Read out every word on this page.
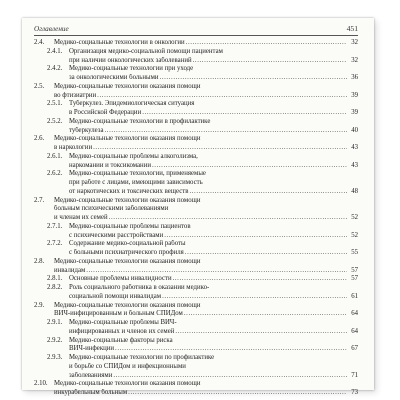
Оглавление	451
2.4.	Медико-социальные технологии в онкологии .....	32
2.4.1. Организация медико-социальной помощи пациентам
при наличии онкологических заболеваний .....	32
2.4.2. Медико-социальные технологии при уходе
за онкологическими больными .....	36
2.5.	Медико-социальные технологии оказания помощи
во фтизиатрии .....	39
2.5.1. Туберкулез. Эпидемиологическая ситуация
в Российской Федерации .....	39
2.5.2. Медико-социальные технологии в профилактике
туберкулеза .....	40
2.6.	Медико-социальные технологии оказания помощи
в наркологии .....	43
2.6.1. Медико-социальные проблемы алкоголизма,
наркомании и токсикомании .....	43
2.6.2. Медико-социальные технологии, применяемые
при работе с лицами, имеющими зависимость
от наркотических и токсических веществ .....	48
2.7.	Медико-социальные технологии оказания помощи
больным психическими заболеваниями
и членам их семей .....	52
2.7.1. Медико-социальные проблемы пациентов
с психическими расстройствами .....	52
2.7.2. Содержание медико-социальной работы
с больными психиатрического профиля .....	55
2.8.	Медико-социальные технологии оказания помощи
инвалидам .....	57
2.8.1. Основные проблемы инвалидности .....	57
2.8.2. Роль социального работника в оказании медико-
социальной помощи инвалидам .....	61
2.9.	Медико-социальные технологии оказания помощи
ВИЧ-инфицированным и больным СПИДом .....	64
2.9.1. Медико-социальные проблемы ВИЧ-
инфицированных и членов их семей .....	64
2.9.2. Медико-социальные факторы риска
ВИЧ-инфекции .....	67
2.9.3. Медико-социальные технологии по профилактике
и борьбе со СПИДом и инфекционными
заболеваниями .....	71
2.10. Медико-социальные технологии оказания помощи
инкурабельным больным .....	73
